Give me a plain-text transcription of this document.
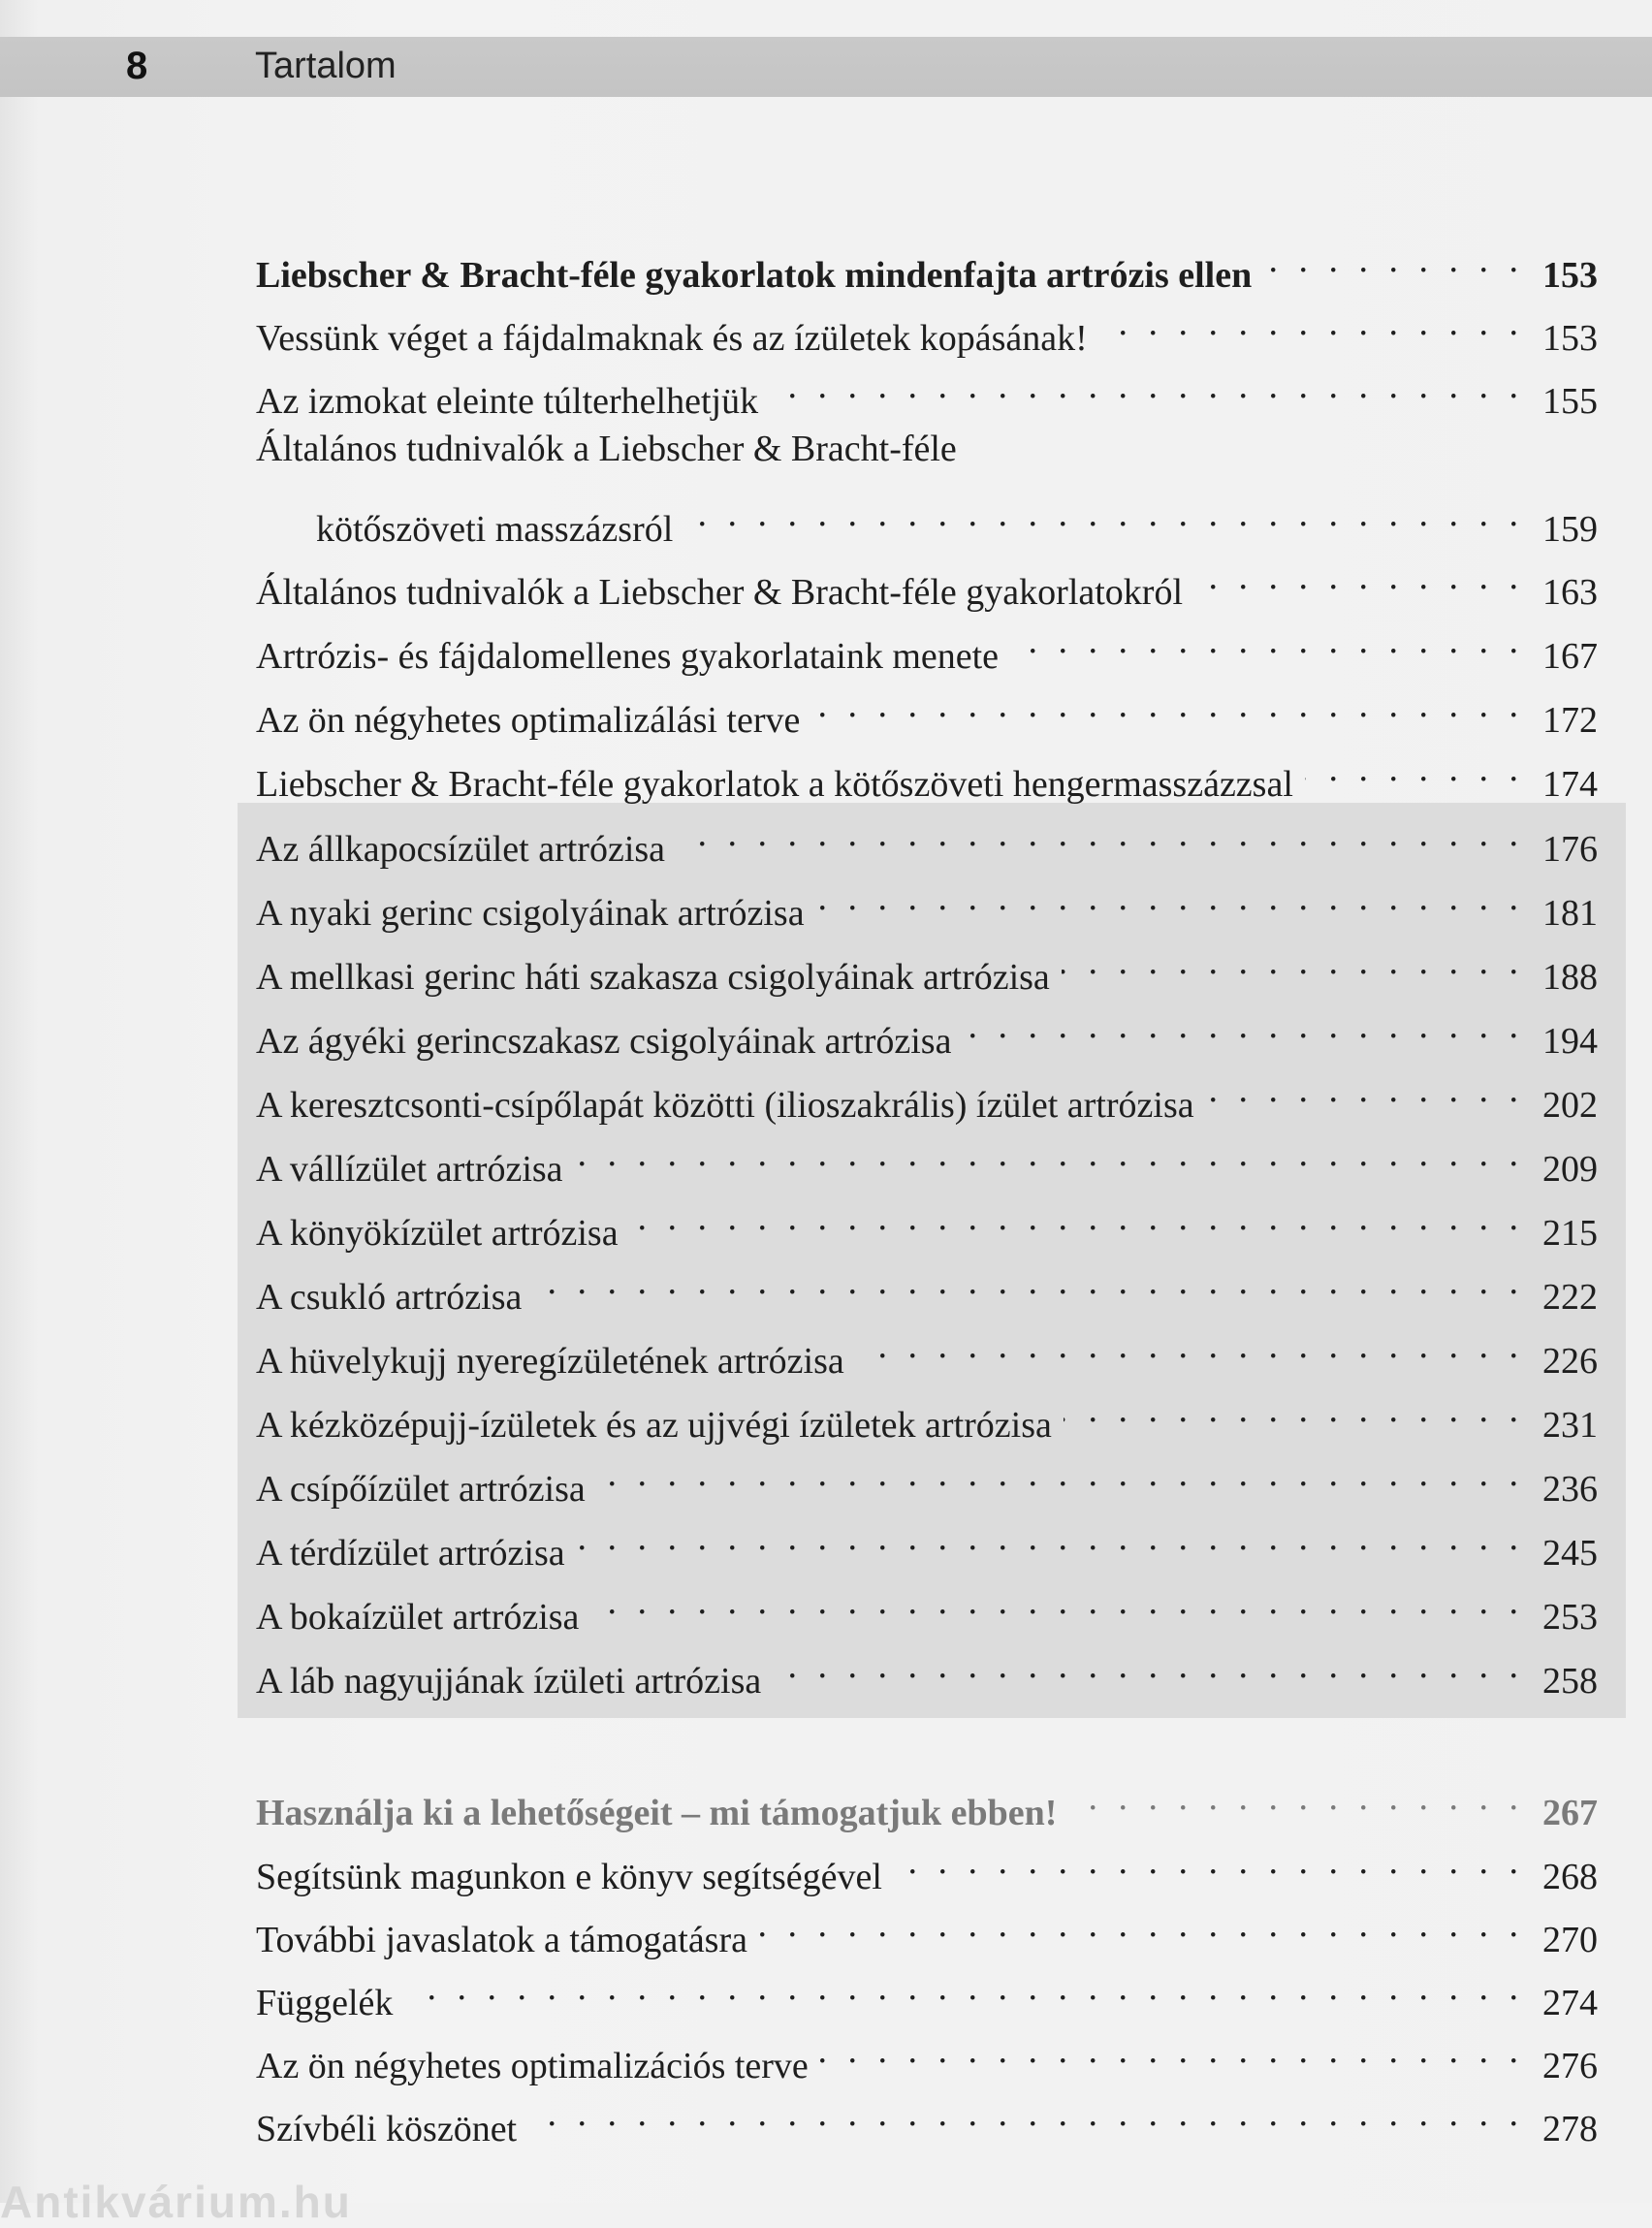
8	Tartalom
Liebscher & Bracht-féle gyakorlatok mindenfajta artrózis ellen . . .	153
Vessünk véget a fájdalmaknak és az ízületek kopásának! . . .	153
Az izmokat eleinte túlterhelhetjük . . .	155
Általános tudnivalók a Liebscher & Bracht-féle
kötőszöveti masszázsról . . .	159
Általános tudnivalók a Liebscher & Bracht-féle gyakorlatokról . . .	163
Artrózis- és fájdalomellenes gyakorlataink menete . . .	167
Az ön négyhetes optimalizálási terve . . .	172
Liebscher & Bracht-féle gyakorlatok a kötőszöveti hengermasszázzsal . . .	174
Az állkapocsízület artrózisa . . .	176
A nyaki gerinc csigolyáinak artrózisa . . .	181
A mellkasi gerinc háti szakasza csigolyáinak artrózisa . . .	188
Az ágyéki gerincszakasz csigolyáinak artrózisa . . .	194
A keresztcsonti-csípőlapát közötti (ilioszakrális) ízület artrózisa . . .	202
A vállízület artrózisa . . .	209
A könyökízület artrózisa . . .	215
A csukló artrózisa . . .	222
A hüvelykujj nyeregízületének artrózisa . . .	226
A kézközépujj-ízületek és az ujjvégi ízületek artrózisa . . .	231
A csípőízület artrózisa . . .	236
A térdízület artrózisa . . .	245
A bokaízület artrózisa . . .	253
A láb nagyujjának ízületi artrózisa . . .	258
Használja ki a lehetőségeit – mi támogatjuk ebben! . . .	267
Segítsünk magunkon e könyv segítségével . . .	268
További javaslatok a támogatásra . . .	270
Függelék . . .	274
Az ön négyhetes optimalizációs terve . . .	276
Szívbéli köszönet . . .	278
Antikvárium.hu
